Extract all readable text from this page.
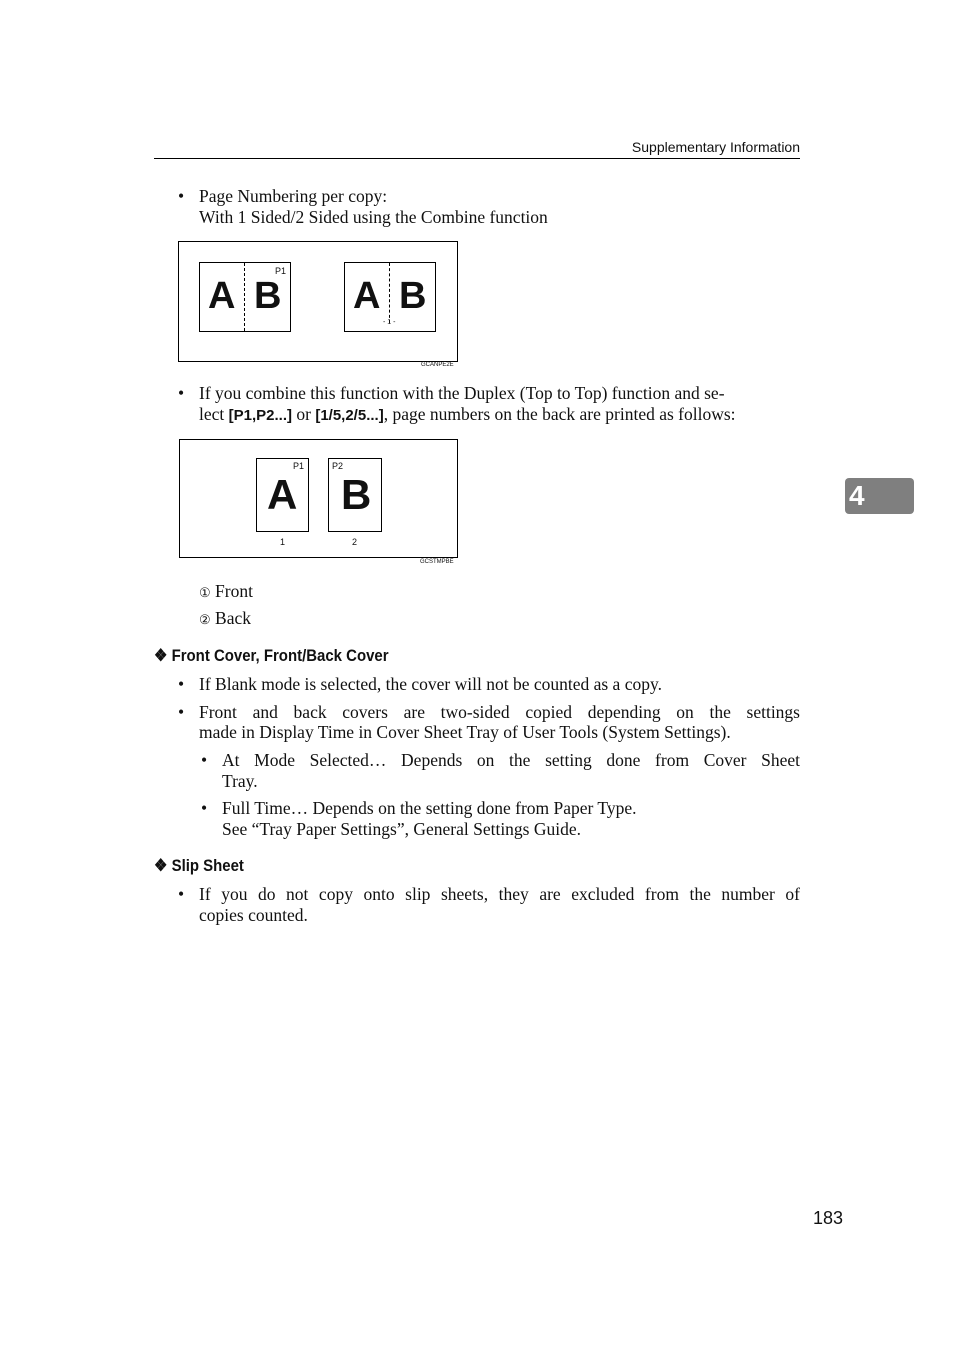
Supplementary Information
4
• Page Numbering per copy:
With 1 Sided/2 Sided using the Combine function
A B
P1
A B
- 1 -
GCANPE2E
• If you combine this function with the Duplex (Top to Top) function and se-
lect [P1,P2...] or [1/5,2/5...], page numbers on the back are printed as follows:
A
P1
B
P2
1	2
GCSTMPBE
① Front
② Back
❖ Front Cover, Front/Back Cover
• If Blank mode is selected, the cover will not be counted as a copy.
• Front and back covers are two-sided copied depending on the settings
made in Display Time in Cover Sheet Tray of User Tools (System Settings).
• At Mode Selected… Depends on the setting done from Cover Sheet
Tray.
• Full Time… Depends on the setting done from Paper Type.
See “Tray Paper Settings”, General Settings Guide.
❖ Slip Sheet
• If you do not copy onto slip sheets, they are excluded from the number of
copies counted.
183
